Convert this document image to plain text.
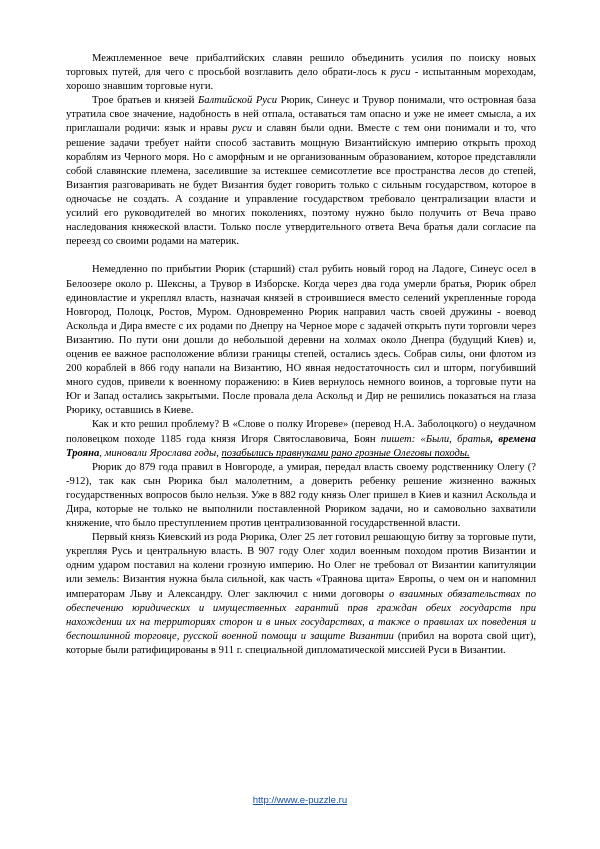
Межплеменное вече прибалтийских славян решило объединить усилия по поиску новых торговых путей, для чего с просьбой возглавить дело обрати-лось к руси - испытанным мореходам, хорошо знавшим торговые нуги.

Трое братьев и князей Балтийской Руси Рюрик, Синеус и Трувор понимали, что островная база утратила свое значение, надобность в ней отпала, оставаться там опасно и уже не имеет смысла, а их приглашали родичи: язык и нравы руси и славян были одни. Вместе с тем они понимали и то, что решение задачи требует найти способ заставить мощную Византийскую империю открыть проход кораблям из Черного моря. Но с аморфным и не организованным образованием, которое представляли собой славянские племена, заселившие за истекшее семисотлетие все пространства лесов до степей, Византия разговаривать не будет Византия будет говорить только с сильным государством, которое в одночасье не создать. А создание и управление государством требовало централизации власти и усилий его руководителей во многих поколениях, поэтому нужно было получить от Веча право наследования княжеской власти. Только после утвердительного ответа Веча братья дали согласие па переезд со своими родами на материк.

Немедленно по прибытии Рюрик (старший) стал рубить новый город на Ладоге, Синеус осел в Белоозере около р. Шексны, а Трувор в Изборске. Когда через два года умерли братья, Рюрик обрел единовластие и укреплял власть, назначая князей в строившиеся вместо селений укрепленные города Новгород, Полоцк, Ростов, Муром. Одновременно Рюрик направил часть своей дружины - воевод Аскольда и Дира вместе с их родами по Днепру на Черное море с задачей открыть пути торговли через Византию. По пути они дошли до небольшой деревни на холмах около Днепра (будущий Киев) и, оценив ее важное расположение вблизи границы степей, остались здесь. Собрав силы, они флотом из 200 кораблей в 866 году напали на Византию, НО явная недостаточность сил и шторм, погубивший много судов, привели к военному поражению: в Киев вернулось немного воинов, а торговые пути на Юг и Запад остались закрытыми. После провала дела Аскольд и Дир не решились показаться на глаза Рюрику, оставшись в Киеве.

Как и кто решил проблему? В «Слове о полку Игореве» (перевод Н.А. Заболоцкого) о неудачном половецком походе 1185 года князя Игоря Святославовича, Боян пишет: «Были, братья, времена Трояна, миновали Ярослава годы, позабылись правнуками рано грозные Олеговы походы.

Рюрик до 879 года правил в Новгороде, а умирая, передал власть своему родственнику Олегу (?-912), так как сын Рюрика был малолетним, а доверить ребенку решение жизненно важных государственных вопросов было нельзя. Уже в 882 году князь Олег пришел в Киев и казнил Аскольда и Дира, которые не только не выполнили поставленной Рюриком задачи, но и самовольно захватили княжение, что было преступлением против централизованной государственной власти.

Первый князь Киевский из рода Рюрика, Олег 25 лет готовил решающую битву за торговые пути, укрепляя Русь и центральную власть. В 907 году Олег ходил военным походом против Византии и одним ударом поставил на колени грозную империю. Но Олег не требовал от Византии капитуляции или земель: Византия нужна была сильной, как часть «Траянова щита» Европы, о чем он и напомнил императорам Льву и Александру. Олег заключил с ними договоры о взаимных обязательствах по обеспечению юридических и имущественных гарантий прав граждан обеих государств при нахождении их на территориях сторон и в иных государствах, а также о правилах их поведения и беспошлинной торговце, русской военной помощи и защите Византии (прибил на ворота свой щит), которые были ратифицированы в 911 г. специальной дипломатической миссией Руси в Византии.

http://www.e-puzzle.ru
